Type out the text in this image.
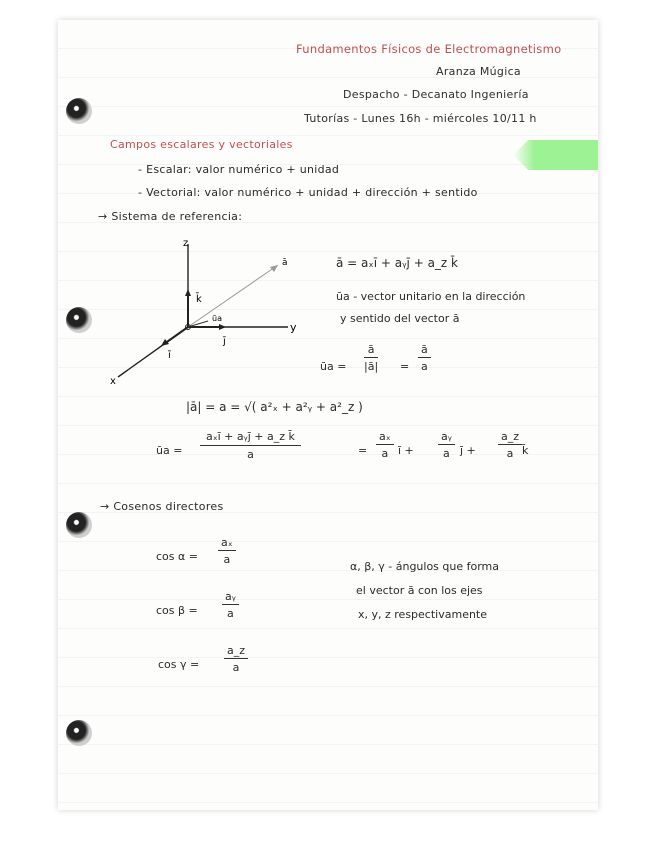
Fundamentos Físicos de Electromagnetismo
Aranza Múgica
Despacho - Decanato Ingeniería
Tutorías - Lunes 16h - miércoles 10/11 h
Campos escalares y vectoriales
- Escalar: valor numérico + unidad
- Vectorial: valor numérico + unidad + dirección + sentido
→ Sistema de referencia:
z
y
x
k̄
j̄
ī
ā
ūa
ā = aₓī + aᵧj̄ + a_z k̄
ūa - vector unitario en la dirección
y sentido del vector ā
ūa =
ā
|ā| =
ā
a
|ā| = a = √( a²ₓ + a²ᵧ + a²_z )
ūa =
aₓī + aᵧj̄ + a_z k̄
a	=
aₓ
a ī +
aᵧ
a j̄ +
a_z
a k̄
→ Cosenos directores
cos α =
aₓ
a
cos β =
aᵧ
a
cos γ =
a_z
a
α, β, γ - ángulos que forma
el vector ā con los ejes
x, y, z respectivamente
